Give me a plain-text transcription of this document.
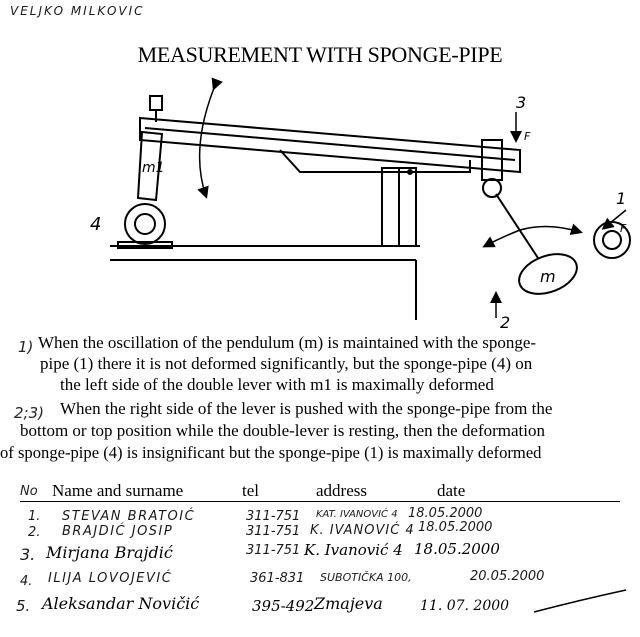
VELJKO MILKOVIC
MEASUREMENT WITH SPONGE-PIPE
m1
4
3
F
1
F
m
2
1) When the oscillation of the pendulum (m) is maintained with the sponge-
pipe (1) there it is not deformed significantly, but the sponge-pipe (4) on
the left side of the double lever with m1 is maximally deformed
2;3) When the right side of the lever is pushed with the sponge-pipe from the
bottom or top position while the double-lever is resting, then the deformation
of sponge-pipe (4) is insignificant but the sponge-pipe (1) is maximally deformed
No Name and surname	tel	address	date
1. STEVAN BRATOIĆ	311-751 KAT. IVANOVIĆ 4 18.05.2000
2. BRAJDIĆ JOSIP	311-751 K. IVANOVIĆ 4 18.05.2000
3. Mirjana Brajdić	311-751 K. Ivanović 4 18.05.2000
4. ILIJA LOVOJEVIĆ	361-831 SUBOTIČKA 100,	20.05.2000
5. Aleksandar Novičić	395-492 Zmajeva	11. 07. 2000
